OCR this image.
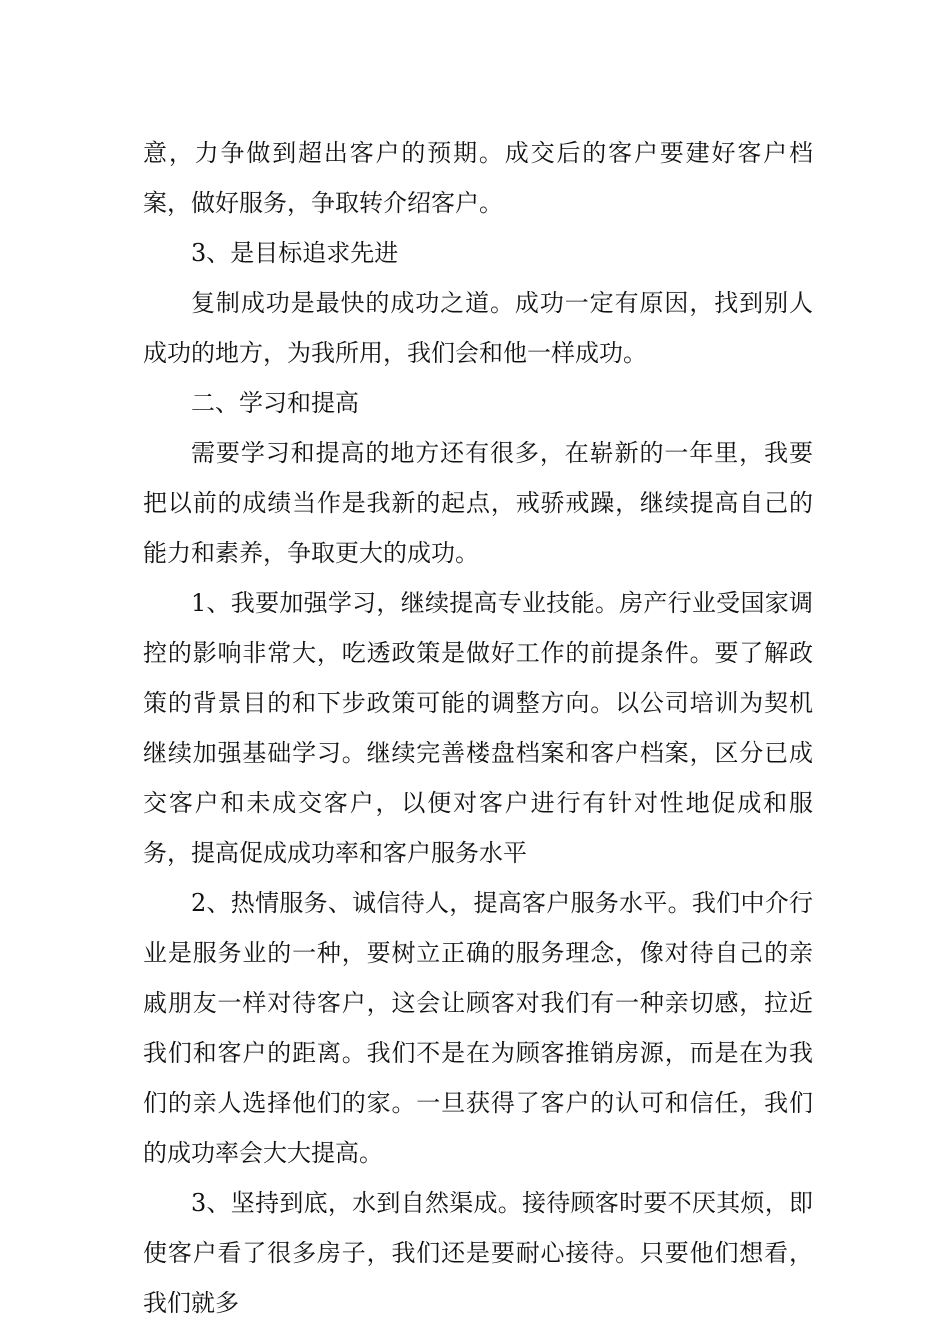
意，力争做到超出客户的预期。成交后的客户要建好客户档案，做好服务，争取转介绍客户。

3、是目标追求先进

复制成功是最快的成功之道。成功一定有原因，找到别人成功的地方，为我所用，我们会和他一样成功。

二、学习和提高

需要学习和提高的地方还有很多，在崭新的一年里，我要把以前的成绩当作是我新的起点，戒骄戒躁，继续提高自己的能力和素养，争取更大的成功。

1、我要加强学习，继续提高专业技能。房产行业受国家调控的影响非常大，吃透政策是做好工作的前提条件。要了解政策的背景目的和下步政策可能的调整方向。以公司培训为契机继续加强基础学习。继续完善楼盘档案和客户档案，区分已成交客户和未成交客户，以便对客户进行有针对性地促成和服务，提高促成成功率和客户服务水平

2、热情服务、诚信待人，提高客户服务水平。我们中介行业是服务业的一种，要树立正确的服务理念，像对待自己的亲戚朋友一样对待客户，这会让顾客对我们有一种亲切感，拉近我们和客户的距离。我们不是在为顾客推销房源，而是在为我们的亲人选择他们的家。一旦获得了客户的认可和信任，我们的成功率会大大提高。

3、坚持到底，水到自然渠成。接待顾客时要不厌其烦，即使客户看了很多房子，我们还是要耐心接待。只要他们想看，我们就多
